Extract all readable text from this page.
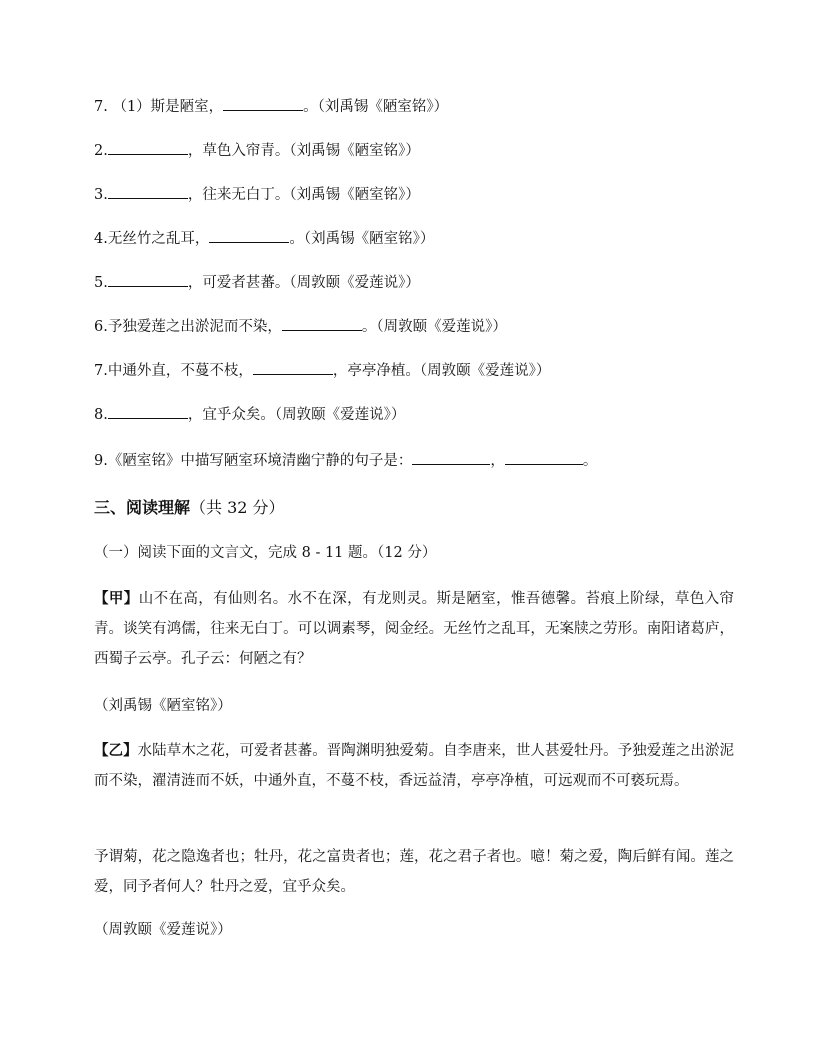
7. （1）斯是陋室，	。（刘禹锡《陋室铭》）
2.	，草色入帘青。（刘禹锡《陋室铭》）
3.	，往来无白丁。（刘禹锡《陋室铭》）
4.无丝竹之乱耳，	。（刘禹锡《陋室铭》）
5.	，可爱者甚蕃。（周敦颐《爱莲说》）
6.予独爱莲之出淤泥而不染，	。（周敦颐《爱莲说》）
7.中通外直，不蔓不枝，	，亭亭净植。（周敦颐《爱莲说》）
8.	，宜乎众矣。（周敦颐《爱莲说》）
9.《陋室铭》中描写陋室环境清幽宁静的句子是：	，	。
三、阅读理解（共 32 分）
（一）阅读下面的文言文，完成 8 - 11 题。（12 分）
【甲】山不在高，有仙则名。水不在深，有龙则灵。斯是陋室，惟吾德馨。苔痕上阶绿，草色入帘青。谈笑有鸿儒，往来无白丁。可以调素琴，阅金经。无丝竹之乱耳，无案牍之劳形。南阳诸葛庐，西蜀子云亭。孔子云：何陋之有？
（刘禹锡《陋室铭》）
【乙】水陆草木之花，可爱者甚蕃。晋陶渊明独爱菊。自李唐来，世人甚爱牡丹。予独爱莲之出淤泥而不染，濯清涟而不妖，中通外直，不蔓不枝，香远益清，亭亭净植，可远观而不可亵玩焉。
予谓菊，花之隐逸者也；牡丹，花之富贵者也；莲，花之君子者也。噫！菊之爱，陶后鲜有闻。莲之爱，同予者何人？牡丹之爱，宜乎众矣。
（周敦颐《爱莲说》）
